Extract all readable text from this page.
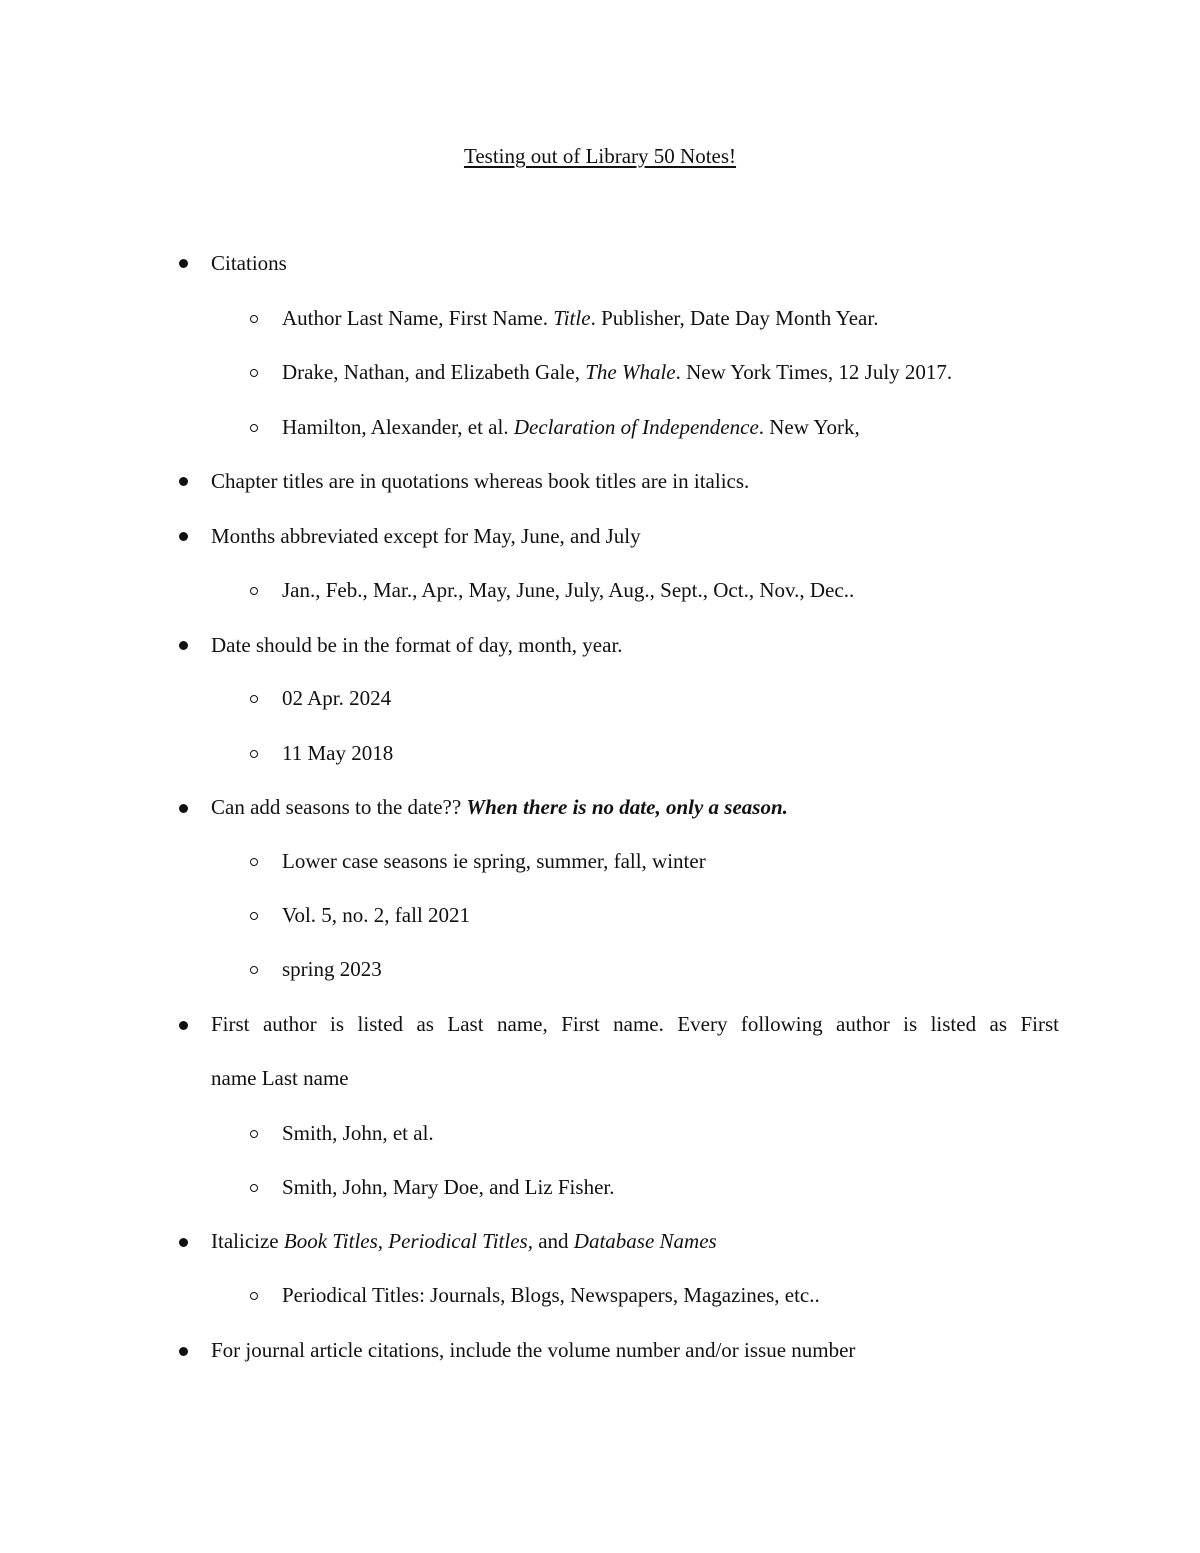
Testing out of Library 50 Notes!
Citations
Author Last Name, First Name. Title. Publisher, Date Day Month Year.
Drake, Nathan, and Elizabeth Gale, The Whale. New York Times, 12 July 2017.
Hamilton, Alexander, et al. Declaration of Independence. New York,
Chapter titles are in quotations whereas book titles are in italics.
Months abbreviated except for May, June, and July
Jan., Feb., Mar., Apr., May, June, July, Aug., Sept., Oct., Nov., Dec..
Date should be in the format of day, month, year.
02 Apr. 2024
11 May 2018
Can add seasons to the date?? When there is no date, only a season.
Lower case seasons ie spring, summer, fall, winter
Vol. 5, no. 2, fall 2021
spring 2023
First author is listed as Last name, First name. Every following author is listed as First
name Last name
Smith, John, et al.
Smith, John, Mary Doe, and Liz Fisher.
Italicize Book Titles, Periodical Titles, and Database Names
Periodical Titles: Journals, Blogs, Newspapers, Magazines, etc..
For journal article citations, include the volume number and/or issue number
